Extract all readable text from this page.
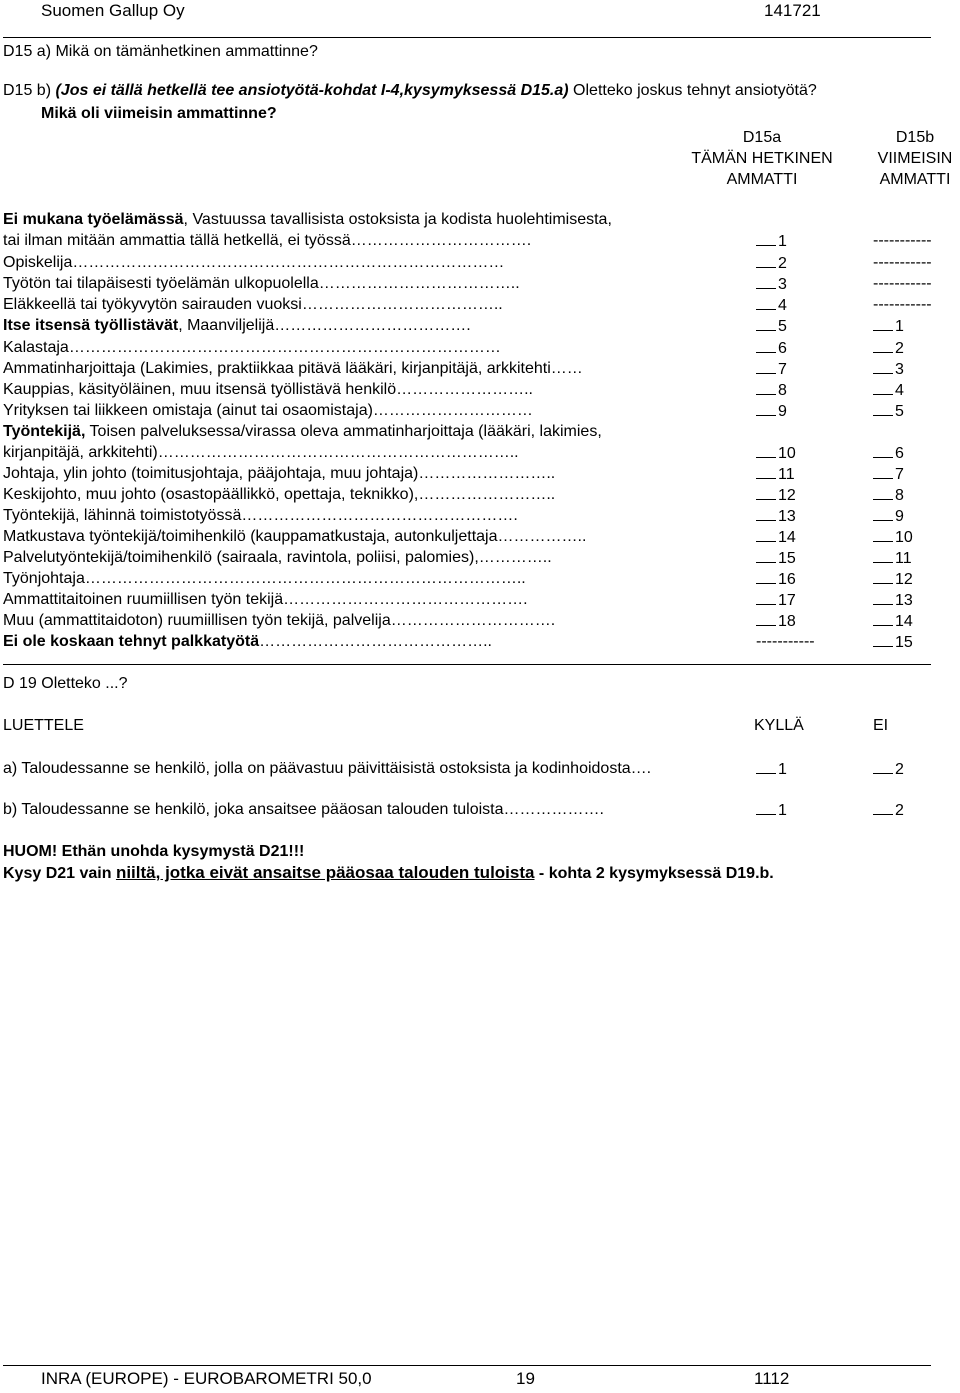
Suomen Gallup Oy	141721
D15 a) Mikä on tämänhetkinen ammattinne?
D15 b) (Jos ei tällä hetkellä tee ansiotyötä-kohdat I-4,kysymyksessä D15.a) Oletteko joskus tehnyt ansiotyötä?
Mikä oli viimeisin ammattinne?
D15a
TÄMÄN HETKINEN
AMMATTI
D15b
VIIMEISIN
AMMATTI
Ei mukana työelämässä, Vastuussa tavallisista ostoksista ja kodista huolehtimisesta,
tai ilman mitään ammattia tällä hetkellä, ei työssä…………………………….	1	-----------
Opiskelija………………………………………………………………………	2	-----------
Työtön tai tilapäisesti työelämän ulkopuolella………………………………..	3	-----------
Eläkkeellä tai työkyvytön sairauden vuoksi………………………………..	4	-----------
Itse itsensä työllistävät, Maanviljelijä……………………………….	5	1
Kalastaja………………………………………………………………………	6	2
Ammatinharjoittaja (Lakimies, praktiikkaa pitävä lääkäri, kirjanpitäjä, arkkitehti……	7	3
Kauppias, käsityöläinen, muu itsensä työllistävä henkilö……………………..	8	4
Yrityksen tai liikkeen omistaja (ainut tai osaomistaja)…………………………	9	5
Työntekijä, Toisen palveluksessa/virassa oleva ammatinharjoittaja (lääkäri, lakimies,
kirjanpitäjä, arkkitehti)…………………………………………………………..	10	6
Johtaja, ylin johto (toimitusjohtaja, pääjohtaja, muu johtaja)……………………..	11	7
Keskijohto, muu johto (osastopäällikkö, opettaja, teknikko),……………………..	12	8
Työntekijä, lähinnä toimistotyössä…………………………………………….	13	9
Matkustava työntekijä/toimihenkilö (kauppamatkustaja, autonkuljettaja……………..	14	10
Palvelutyöntekijä/toimihenkilö (sairaala, ravintola, poliisi, palomies),…………..	15	11
Työnjohtaja………………………………………………………………………..	16	12
Ammattitaitoinen ruumiillisen työn tekijä……………………………………….	17	13
Muu (ammattitaidoton) ruumiillisen työn tekijä, palvelija………………………….	18	14
Ei ole koskaan tehnyt palkkatyötä……………………………………..	-----------	15
D 19 Oletteko ...?
LUETTELE	KYLLÄ	EI
a) Taloudessanne se henkilö, jolla on päävastuu päivittäisistä ostoksista ja kodinhoidosta….	1	2
b) Taloudessanne se henkilö, joka ansaitsee pääosan talouden tuloista……………….	1	2
HUOM! Ethän unohda kysymystä D21!!!
Kysy D21 vain niiltä, jotka eivät ansaitse pääosaa talouden tuloista - kohta 2 kysymyksessä D19.b.
INRA (EUROPE) - EUROBAROMETRI 50,0	19	1112
